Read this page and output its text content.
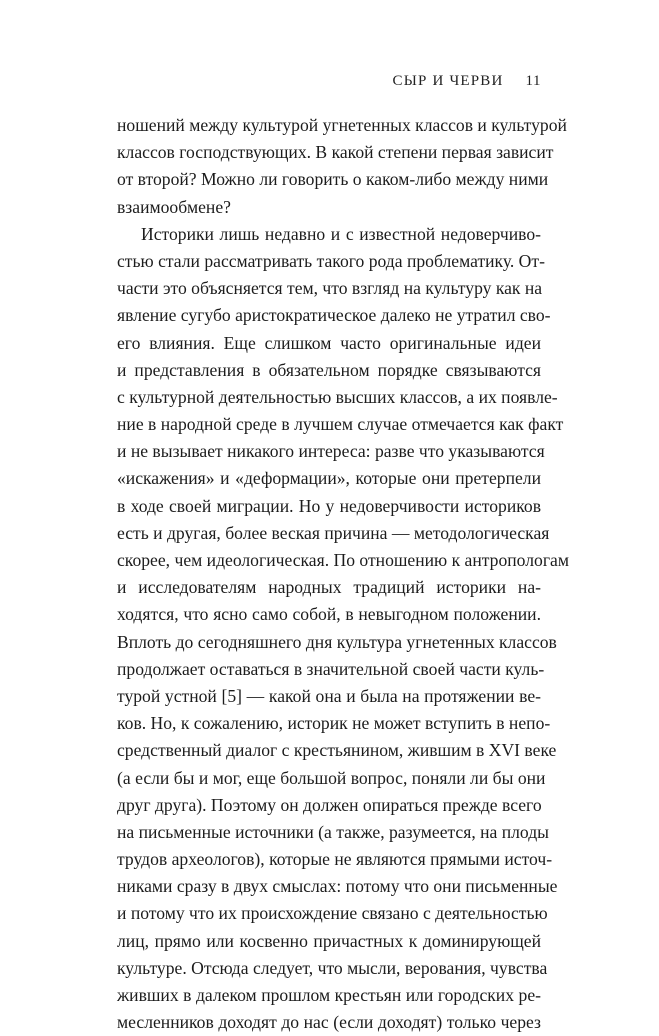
СЫР И ЧЕРВИ 11
ношений между культурой угнетенных классов и культурой
классов господствующих. В какой степени первая зависит
от второй? Можно ли говорить о каком-либо между ними
взаимообмене?
Историки лишь недавно и с известной недоверчиво-
стью стали рассматривать такого рода проблематику. От-
части это объясняется тем, что взгляд на культуру как на
явление сугубо аристократическое далеко не утратил сво-
его влияния. Еще слишком часто оригинальные идеи
и представления в обязательном порядке связываются
с культурной деятельностью высших классов, а их появле-
ние в народной среде в лучшем случае отмечается как факт
и не вызывает никакого интереса: разве что указываются
«искажения» и «деформации», которые они претерпели
в ходе своей миграции. Но у недоверчивости историков
есть и другая, более веская причина — методологическая
скорее, чем идеологическая. По отношению к антропологам
и исследователям народных традиций историки на-
ходятся, что ясно само собой, в невыгодном положении.
Вплоть до сегодняшнего дня культура угнетенных классов
продолжает оставаться в значительной своей части куль-
турой устной [5] — какой она и была на протяжении ве-
ков. Но, к сожалению, историк не может вступить в непо-
средственный диалог с крестьянином, жившим в XVI веке
(а если бы и мог, еще большой вопрос, поняли ли бы они
друг друга). Поэтому он должен опираться прежде всего
на письменные источники (а также, разумеется, на плоды
трудов археологов), которые не являются прямыми источ-
никами сразу в двух смыслах: потому что они письменные
и потому что их происхождение связано с деятельностью
лиц, прямо или косвенно причастных к доминирующей
культуре. Отсюда следует, что мысли, верования, чувства
живших в далеком прошлом крестьян или городских ре-
месленников доходят до нас (если доходят) только через
